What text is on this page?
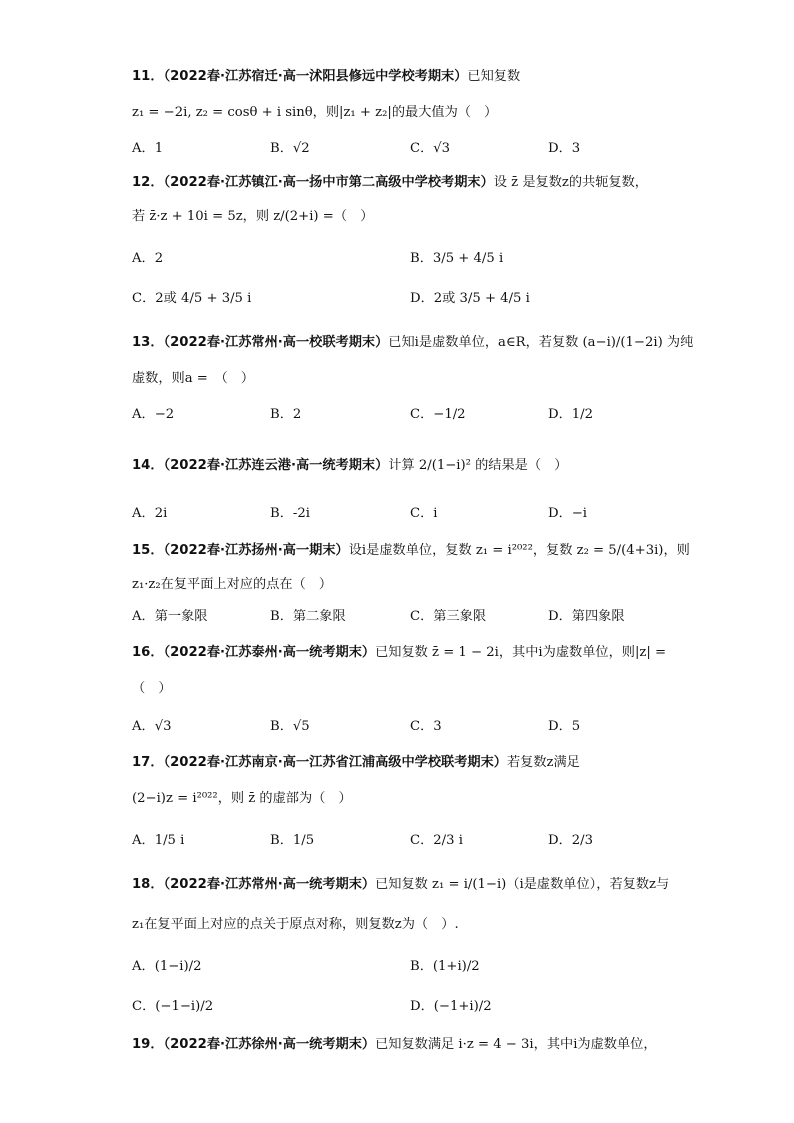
11．（2022春·江苏宿迁·高一沭阳县修远中学校考期末）已知复数
z₁ = −2i, z₂ = cosθ + i sinθ，则|z₁ + z₂|的最大值为（　）
A．1	B．√2	C．√3	D．3
12．（2022春·江苏镇江·高一扬中市第二高级中学校考期末）设 z̄ 是复数z的共轭复数，
若 z̄·z + 10i = 5z，则 z/(2+i) =（　）
A．2	B．3/5 + 4/5 i
C．2或 4/5 + 3/5 i	D．2或 3/5 + 4/5 i
13．（2022春·江苏常州·高一校联考期末）已知i是虚数单位，a∈R，若复数 (a−i)/(1−2i) 为纯
虚数，则a =　（　）
A．−2	B．2	C．−1/2	D．1/2
14．（2022春·江苏连云港·高一统考期末）计算 2/(1−i)² 的结果是（　）
A．2i	B．-2i	C．i	D．−i
15．（2022春·江苏扬州·高一期末）设i是虚数单位，复数 z₁ = i²⁰²²，复数 z₂ = 5/(4+3i)，则
z₁·z₂在复平面上对应的点在（　）
A．第一象限	B．第二象限	C．第三象限	D．第四象限
16．（2022春·江苏泰州·高一统考期末）已知复数 z̄ = 1 − 2i，其中i为虚数单位，则|z| =
（　）
A．√3	B．√5	C．3	D．5
17．（2022春·江苏南京·高一江苏省江浦高级中学校联考期末）若复数z满足
(2−i)z = i²⁰²²，则 z̄ 的虚部为（　）
A．1/5 i	B．1/5	C．2/3 i	D．2/3
18．（2022春·江苏常州·高一统考期末）已知复数 z₁ = i/(1−i)（i是虚数单位），若复数z与
z₁在复平面上对应的点关于原点对称，则复数z为（　）.
A．(1−i)/2	B．(1+i)/2
C．(−1−i)/2	D．(−1+i)/2
19．（2022春·江苏徐州·高一统考期末）已知复数满足 i·z = 4 − 3i，其中i为虚数单位，
